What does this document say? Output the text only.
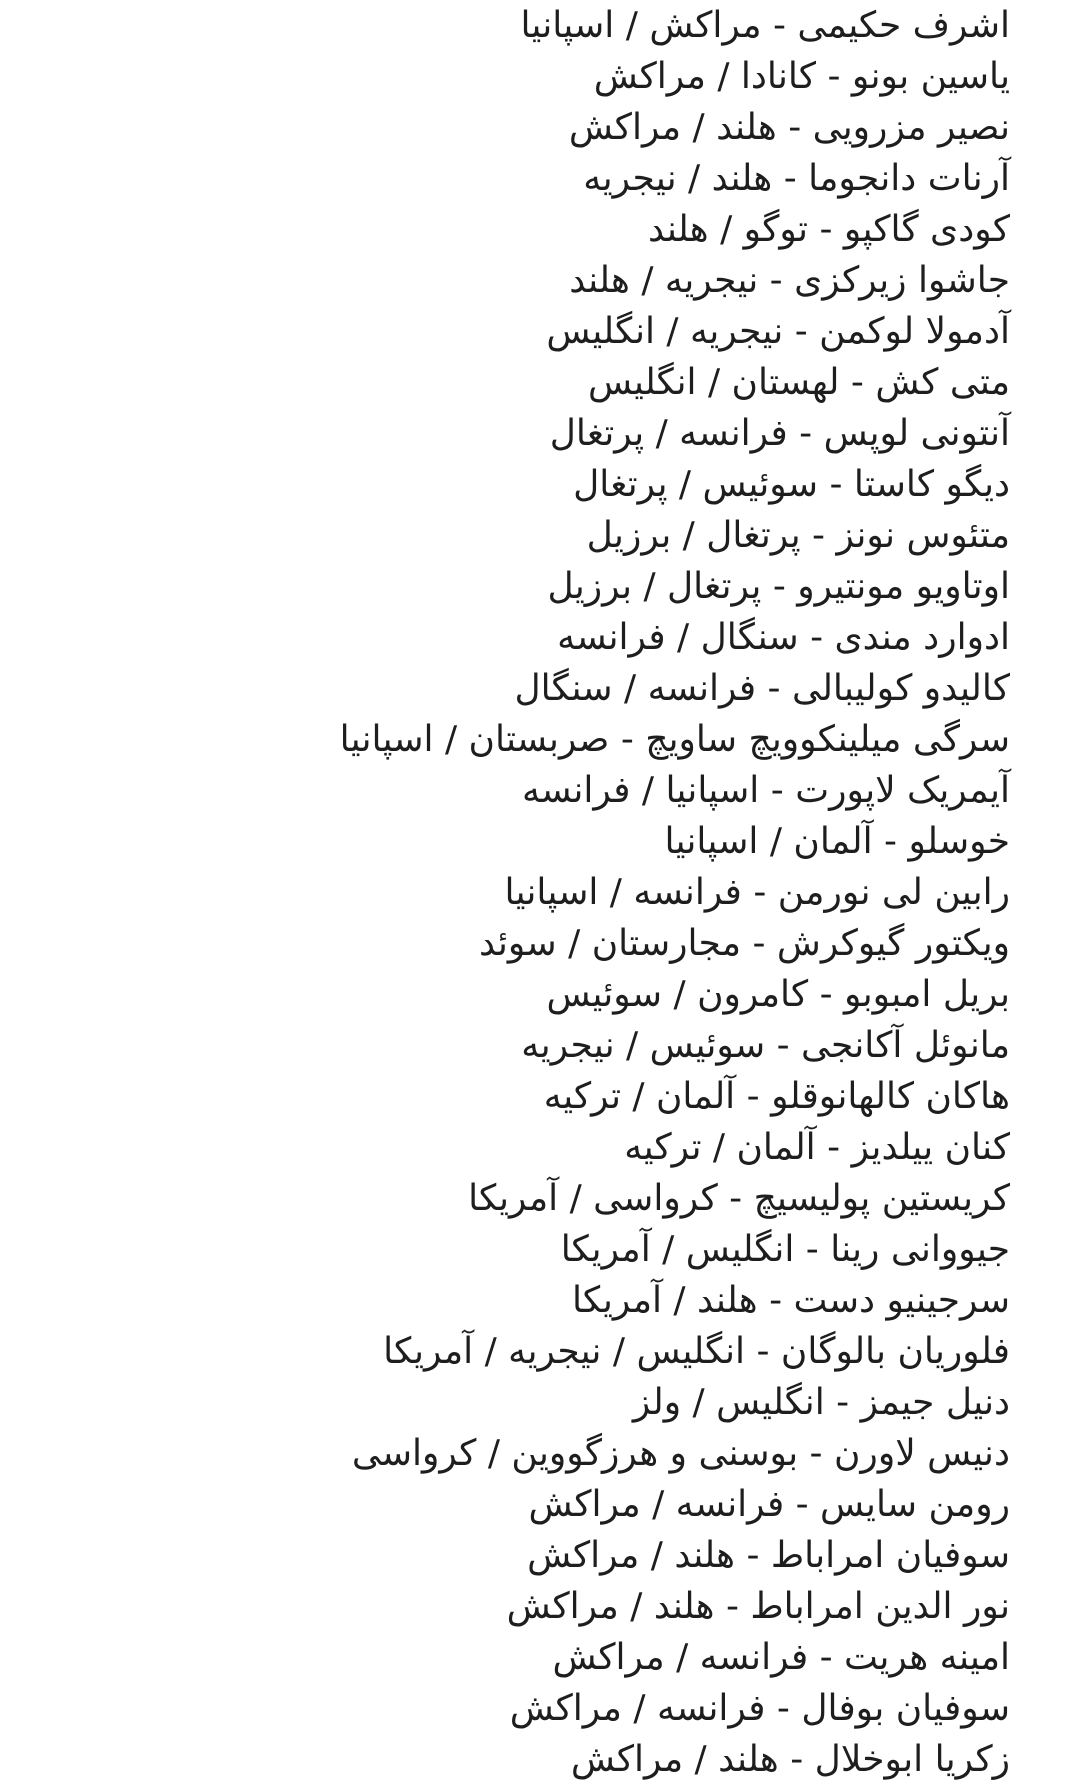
اشرف حکیمی - مراکش / اسپانیا
یاسین بونو - کانادا / مراکش
نصیر مزرویی - هلند / مراکش
آرنات دانجوما - هلند / نیجریه
کودی گاکپو - توگو / هلند
جاشوا زیرکزی - نیجریه / هلند
آدمولا لوکمن - نیجریه / انگلیس
متی کش - لهستان / انگلیس
آنتونی لوپس - فرانسه / پرتغال
دیگو کاستا - سوئیس / پرتغال
متئوس نونز - پرتغال / برزیل
اوتاویو مونتیرو - پرتغال / برزیل
ادوارد مندی - سنگال / فرانسه
کالیدو کولیبالی - فرانسه / سنگال
سرگی میلینکوویچ ساویچ - صربستان / اسپانیا
آیمریک لاپورت - اسپانیا / فرانسه
خوسلو - آلمان / اسپانیا
رابین لی نورمن - فرانسه / اسپانیا
ویکتور گیوکرش - مجارستان / سوئد
بریل امبوبو - کامرون / سوئیس
مانوئل آکانجی - سوئیس / نیجریه
هاکان کالهانوقلو - آلمان / ترکیه
کنان ییلدیز - آلمان / ترکیه
کریستین پولیسیچ - کرواسی / آمریکا
جیووانی رینا - انگلیس / آمریکا
سرجینیو دست - هلند / آمریکا
فلوریان بالوگان - انگلیس / نیجریه / آمریکا
دنیل جیمز - انگلیس / ولز
دنیس لاورن - بوسنی و هرزگووین / کرواسی
رومن سایس - فرانسه / مراکش
سوفیان امراباط - هلند / مراکش
نور الدین امراباط - هلند / مراکش
امینه هریت - فرانسه / مراکش
سوفیان بوفال - فرانسه / مراکش
زکریا ابوخلال - هلند / مراکش
